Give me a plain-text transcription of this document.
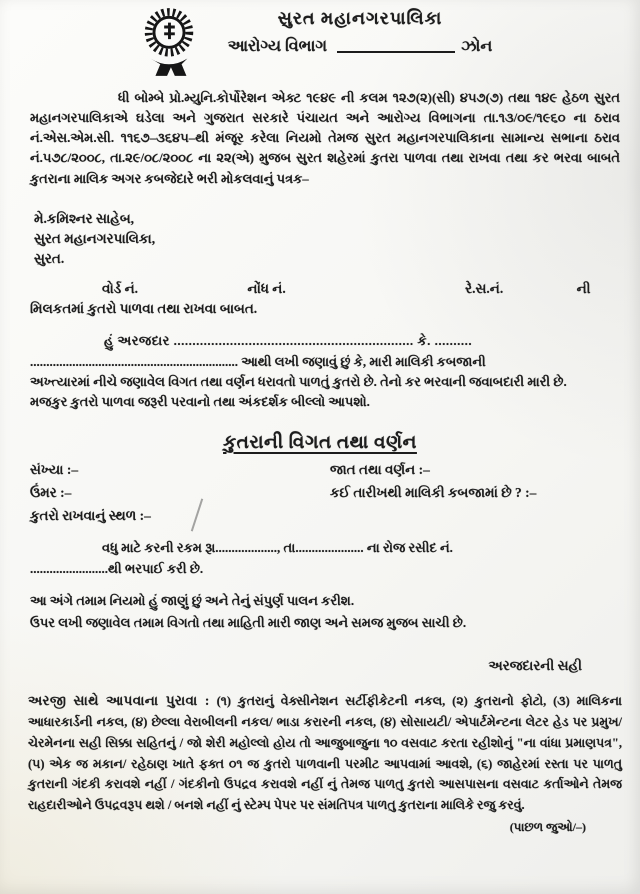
સુરત મહાનગરપાલિકા
આરોગ્ય વિભાગ	ઝોન
ધી બોમ્બે પ્રો.મ્યુનિ.કોર્પોરેશન એક્ટ ૧૯૪૯ ની કલમ ૧૨૭(૨)(સી) ૪૫૭(૭) તથા ૧૪૯ હેઠળ સુરત મહાનગરપાલિકાએ ઘડેલા અને ગુજરાત સરકારે પંચાયત અને આરોગ્ય વિભાગના તા.૧૩/૦૯/૧૯૬૦ ના ઠરાવ નં.એસ.એમ.સી. ૧૧૬૭–૩૬૪૫–થી મંજૂર કરેલા નિયમો તેમજ સુરત મહાનગરપાલિકાના સામાન્ય સભાના ઠરાવ નં.૫૭૮/૨૦૦૮, તા.૨૯/૦૮/૨૦૦૮ ના ૨૨(એ) મુજબ સુરત શહેરમાં કુતરા પાળવા તથા રાખવા તથા કર ભરવા બાબતે કુતરાના માલિક અગર કબજેદારે ભરી મોકલવાનું પત્રક–
મે.કમિશ્નર સાહેબ,
સુરત મહાનગરપાલિકા,
સુરત.
વોર્ડ નં.	નોંધ નં.	રે.સ.નં.	ની
મિલકતમાં કુતરો પાળવા તથા રાખવા બાબત.
હું અરજદાર ................................................................ કે. ..........
................................................................ આથી લખી જણાવું છું કે, મારી માલિકી કબજાની
અખ્ત્યારમાં નીચે જણાવેલ વિગત તથા વર્ણન ધરાવતો પાળતું કુતરો છે. તેનો કર ભરવાની જવાબદારી મારી છે.
મજકુર કુતરો પાળવા જરૂરી પરવાનો તથા અંકદર્શક બીલ્લો આપશો.
કુતરાની વિગત તથા વર્ણન
સંખ્યા :–	જાત તથા વર્ણન :–
ઉંમર :–	કઈ તારીખથી માલિકી કબજામાં છે ? :–
કુતરો રાખવાનું સ્થળ :–
વધુ માટે કરની રકમ રૂા..................., તા..................... ના રોજ રસીદ નં.
........................થી ભરપાઈ કરી છે.
આ અંગે તમામ નિયમો હું જાણું છું અને તેનું સંપુર્ણ પાલન કરીશ.
ઉપર લખી જણાવેલ તમામ વિગતો તથા માહિતી મારી જાણ અને સમજ મુજબ સાચી છે.
અરજદારની સહી
અરજી સાથે આપવાના પુરાવા : (૧) કુતરાનું વેક્સીનેશન સર્ટીફીકેટની નકલ, (૨) કુતરાનો ફોટો, (૩) માલિકના આધારકાર્ડની નકલ, (૪) છેલ્લા વેરાબીલની નકલ/ ભાડા કરારની નકલ, (૪) સોસાયટી/ એપાર્ટમેન્ટના લેટર હેડ પર પ્રમુખ/ ચેરમેનના સહી સિક્કા સહિતનું / જો શેરી મહોલ્લો હોય તો આજુબાજુના ૧૦ વસવાટ કરતા રહીશોનું "ના વાંધા પ્રમાણપત્ર", (૫) એક જ મકાન/ રહેઠાણ ખાતે ફક્ત ૦૧ જ કુતરો પાળવાની પરમીટ આપવામાં આવશે, (૬) જાહેરમાં રસ્તા પર પાળતુ કુતરાની ગંદકી કરાવશે નહીં / ગંદકીનો ઉપદ્રવ કરાવશે નહીં નું તેમજ પાળતુ કુતરો આસપાસના વસવાટ કર્તાઓને તેમજ રાહદારીઓને ઉપદ્રવરૂપ થશે / બનશે નહીં નું સ્ટેમ્પ પેપર પર સંમતિપત્ર પાળતુ કુતરાના માલિકે રજુ કરવું.
(પાછળ જુઓ/–)
